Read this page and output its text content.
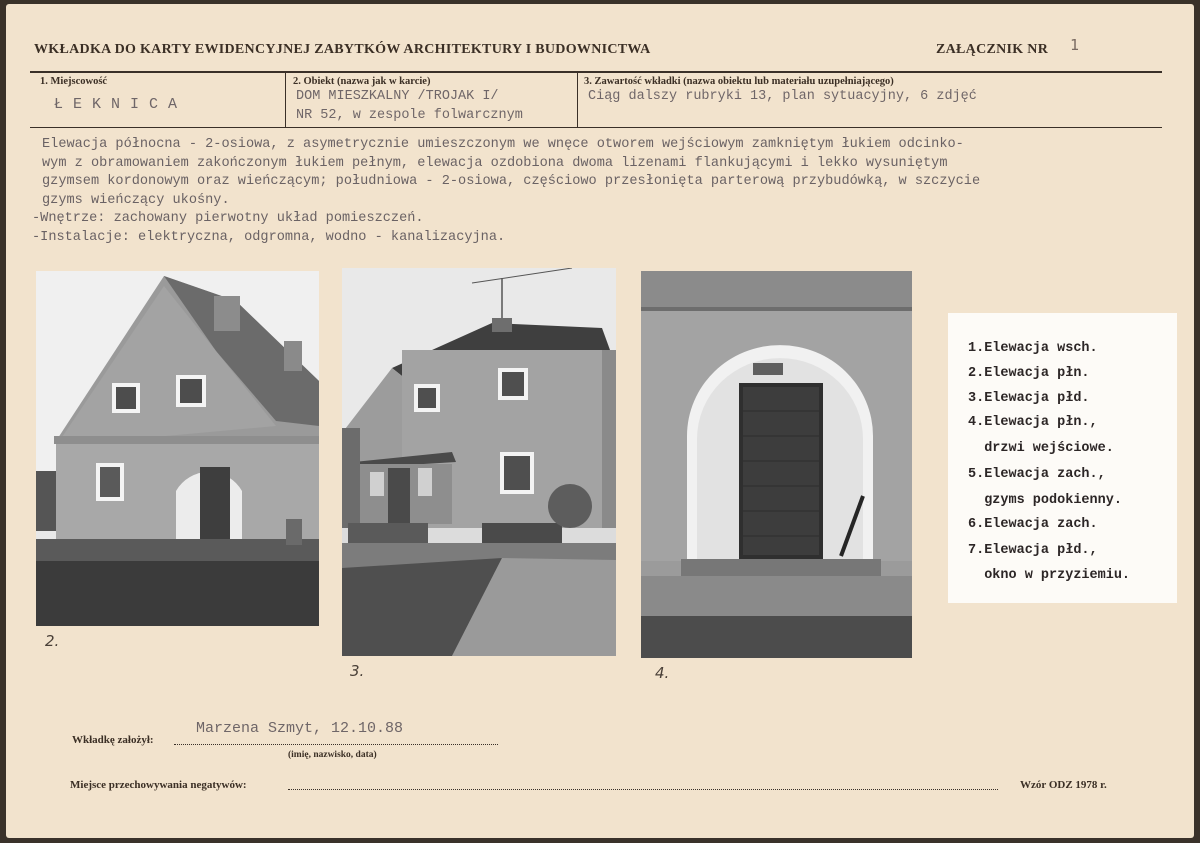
WKŁADKA DO KARTY EWIDENCYJNEJ ZABYTKÓW ARCHITEKTURY I BUDOWNICTWA	ZAŁĄCZNIK NR 1
1. Miejscowość
ŁEKNICA
2. Obiekt (nazwa jak w karcie)
DOM MIESZKALNY /TROJAK I/
NR 52, w zespole folwarcznym
3. Zawartość wkładki (nazwa obiektu lub materiału uzupełniającego)
Ciąg dalszy rubryki 13, plan sytuacyjny, 6 zdjęć
Elewacja północna - 2-osiowa, z asymetrycznie umieszczonym we wnęce otworem wejściowym zamkniętym łukiem odcinko-
wym z obramowaniem zakończonym łukiem pełnym, elewacja ozdobiona dwoma lizenami flankującymi i lekko wysuniętym
gzymsem kordonowym oraz wieńczącym; południowa - 2-osiowa, częściowo przesłonięta parterową przybudówką, w szczycie
gzyms wieńczący ukośny.
-Wnętrze: zachowany pierwotny układ pomieszczeń.
-Instalacje: elektryczna, odgromna, wodno - kanalizacyjna.
2.
3.	4.
1.Elewacja wsch.
2.Elewacja płn.
3.Elewacja płd.
4.Elewacja płn.,
drzwi wejściowe.
5.Elewacja zach.,
gzyms podokienny.
6.Elewacja zach.
7.Elewacja płd.,
okno w przyziemiu.
Wkładkę założył:
Marzena Szmyt, 12.10.88
(imię, nazwisko, data)
Miejsce przechowywania negatywów:	Wzór ODZ 1978 r.
